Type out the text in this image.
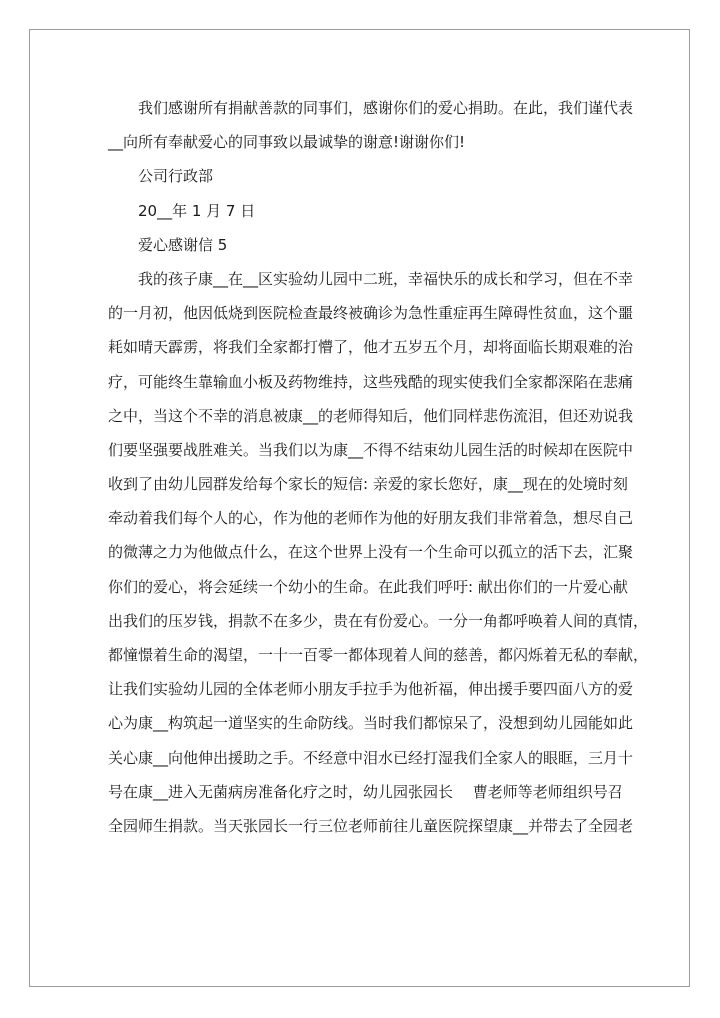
我们感谢所有捐献善款的同事们，感谢你们的爱心捐助。在此，我们谨代表
__向所有奉献爱心的同事致以最诚挚的谢意!谢谢你们!
公司行政部
20__年 1 月 7 日
爱心感谢信 5
我的孩子康__在__区实验幼儿园中二班，幸福快乐的成长和学习，但在不幸
的一月初，他因低烧到医院检查最终被确诊为急性重症再生障碍性贫血，这个噩
耗如晴天霹雳，将我们全家都打懵了，他才五岁五个月，却将面临长期艰难的治
疗，可能终生靠输血小板及药物维持，这些残酷的现实使我们全家都深陷在悲痛
之中，当这个不幸的消息被康__的老师得知后，他们同样悲伤流泪，但还劝说我
们要坚强要战胜难关。当我们以为康__不得不结束幼儿园生活的时候却在医院中
收到了由幼儿园群发给每个家长的短信: 亲爱的家长您好，康__现在的处境时刻
牵动着我们每个人的心，作为他的老师作为他的好朋友我们非常着急，想尽自己
的微薄之力为他做点什么，在这个世界上没有一个生命可以孤立的活下去，汇聚
你们的爱心，将会延续一个幼小的生命。在此我们呼吁: 献出你们的一片爱心献
出我们的压岁钱，捐款不在多少，贵在有份爱心。一分一角都呼唤着人间的真情，
都憧憬着生命的渴望，一十一百零一都体现着人间的慈善，都闪烁着无私的奉献，
让我们实验幼儿园的全体老师小朋友手拉手为他祈福，伸出援手要四面八方的爱
心为康__构筑起一道坚实的生命防线。当时我们都惊呆了，没想到幼儿园能如此
关心康__向他伸出援助之手。不经意中泪水已经打湿我们全家人的眼眶，三月十
号在康__进入无菌病房准备化疗之时，幼儿园张园长 　曹老师等老师组织号召
全园师生捐款。当天张园长一行三位老师前往儿童医院探望康__并带去了全园老
